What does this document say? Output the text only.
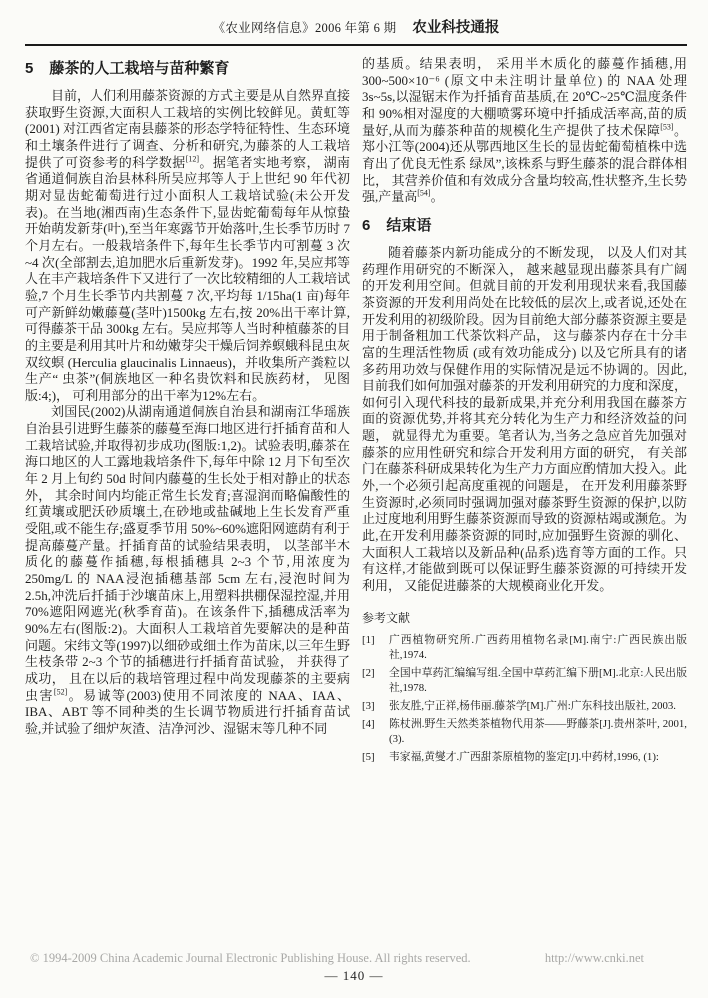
《农业网络信息》2006 年第 6 期 农业科技通报
5 藤茶的人工栽培与苗种繁育

目前，人们利用藤茶资源的方式主要是从自然界直接获取野生资源,大面积人工栽培的实例比较鲜见。黄虹等 (2001) 对江西省定南县藤茶的形态学特征特性、生态环境和土壤条件进行了调查、分析和研究,为藤茶的人工栽培提供了可资参考的科学数据[12]。据笔者实地考察， 湖南省通道侗族自治县林科所吴应邦等人于上世纪 90 年代初期对显齿蛇葡萄进行过小面积人工栽培试验(未公开发表)。在当地(湘西南)生态条件下,显齿蛇葡萄每年从惊蛰开始萌发新芽(叶),至当年寒露节开始落叶,生长季节历时 7 个月左右。一般栽培条件下,每年生长季节内可割蔓 3 次~4 次(全部割去,追加肥水后重新发芽)。1992 年,吴应邦等人在丰产栽培条件下又进行了一次比较精细的人工栽培试验,7 个月生长季节内共割蔓 7 次,平均每 1/15ha(1 亩)每年可产新鲜幼嫩藤蔓(茎叶)1500kg 左右,按 20%出干率计算,可得藤茶干品 300kg 左右。吴应邦等人当时种植藤茶的目的主要是利用其叶片和幼嫩芽尖干燥后饲养螟蛾科昆虫灰双纹螟 (Herculia glaucinalis Linnaeus)，并收集所产粪粒以生产“ 虫茶”(侗族地区一种名贵饮料和民族药材， 见图版:4;)， 可利用部分的出干率为12%左右。

刘国民(2002)从湖南通道侗族自治县和湖南江华瑶族自治县引进野生藤茶的藤蔓至海口地区进行扦插育苗和人工栽培试验,并取得初步成功(图版:1,2)。试验表明,藤茶在海口地区的人工露地栽培条件下,每年中除 12 月下旬至次年 2 月上旬约 50d 时间内藤蔓的生长处于相对静止的状态外， 其余时间内均能正常生长发育;喜湿润而略偏酸性的红黄壤或肥沃砂质壤土,在砂地或盐碱地上生长发育严重受阻,或不能生存;盛夏季节用 50%~60%遮阳网遮荫有利于提高藤蔓产量。扦插育苗的试验结果表明， 以茎部半木质化的藤蔓作插穗,每根插穗具 2~3 个节,用浓度为 250mg/L 的 NAA浸泡插穗基部 5cm 左右,浸泡时间为 2.5h,冲洗后扦插于沙壤苗床上,用塑料拱棚保湿控湿,并用 70%遮阳网遮光(秋季育苗)。在该条件下,插穗成活率为 90%左右(图版:2)。大面积人工栽培首先要解决的是种苗问题。宋纬文等(1997)以细砂或细土作为苗床,以三年生野生枝条带 2~3 个节的插穗进行扦插育苗试验， 并获得了成功， 且在以后的栽培管理过程中尚发现藤茶的主要病虫害[52]。易诚等(2003)使用不同浓度的 NAA、IAA、IBA、ABT 等不同种类的生长调节物质进行扦插育苗试验,并试验了细炉灰渣、洁净河沙、湿锯末等几种不同

的基质。结果表明， 采用半木质化的藤蔓作插穗,用300~500×10⁻⁶ (原文中未注明计量单位) 的 NAA 处理3s~5s,以湿锯末作为扦插育苗基质,在 20℃~25℃温度条件和 90%相对湿度的大棚喷雾环境中扦插成活率高,苗的质量好,从而为藤茶种苗的规模化生产提供了技术保障[53]。郑小江等(2004)还从鄂西地区生长的显齿蛇葡萄植株中选育出了优良无性系 绿凤”,该株系与野生藤茶的混合群体相比， 其营养价值和有效成分含量均较高,性状整齐,生长势强,产量高[54]。

6 结束语

随着藤茶内新功能成分的不断发现， 以及人们对其药理作用研究的不断深入， 越来越显现出藤茶具有广阔的开发利用空间。但就目前的开发利用现状来看,我国藤茶资源的开发利用尚处在比较低的层次上,或者说,还处在开发利用的初级阶段。因为目前绝大部分藤茶资源主要是用于制备粗加工代茶饮料产品， 这与藤茶内存在十分丰富的生理活性物质 (或有效功能成分) 以及它所具有的诸多药用功效与保健作用的实际情况是远不协调的。因此,目前我们如何加强对藤茶的开发利用研究的力度和深度， 如何引入现代科技的最新成果,并充分利用我国在藤茶方面的资源优势,并将其充分转化为生产力和经济效益的问题， 就显得尤为重要。笔者认为,当务之急应首先加强对藤茶的应用性研究和综合开发利用方面的研究， 有关部门在藤茶科研成果转化为生产力方面应酌情加大投入。此外,一个必须引起高度重视的问题是， 在开发利用藤茶野生资源时,必须同时强调加强对藤茶野生资源的保护,以防止过度地利用野生藤茶资源而导致的资源枯竭或濒危。为此,在开发利用藤茶资源的同时,应加强野生资源的驯化、大面积人工栽培以及新品种(品系)选育等方面的工作。只有这样,才能做到既可以保证野生藤茶资源的可持续开发利用， 又能促进藤茶的大规模商业化开发。

参考文献
[1]	广西植物研究所.广西药用植物名录[M].南宁:广西民族出版社,1974.
[2]	全国中草药汇编编写组.全国中草药汇编下册[M].北京:人民出版社,1978.
[3]	张友胜,宁正祥,杨伟丽.藤茶学[M].广州:广东科技出版社, 2003.
[4]	陈杖洲.野生天然类茶植物代用茶——野藤茶[J].贵州茶叶, 2001,(3).
[5]	韦家福,黄燮才.广西甜茶原植物的鉴定[J].中药材,1996, (1):
© 1994-2009 China Academic Journal Electronic Publishing House. All rights reserved.	http://www.cnki.net
— 140 —
